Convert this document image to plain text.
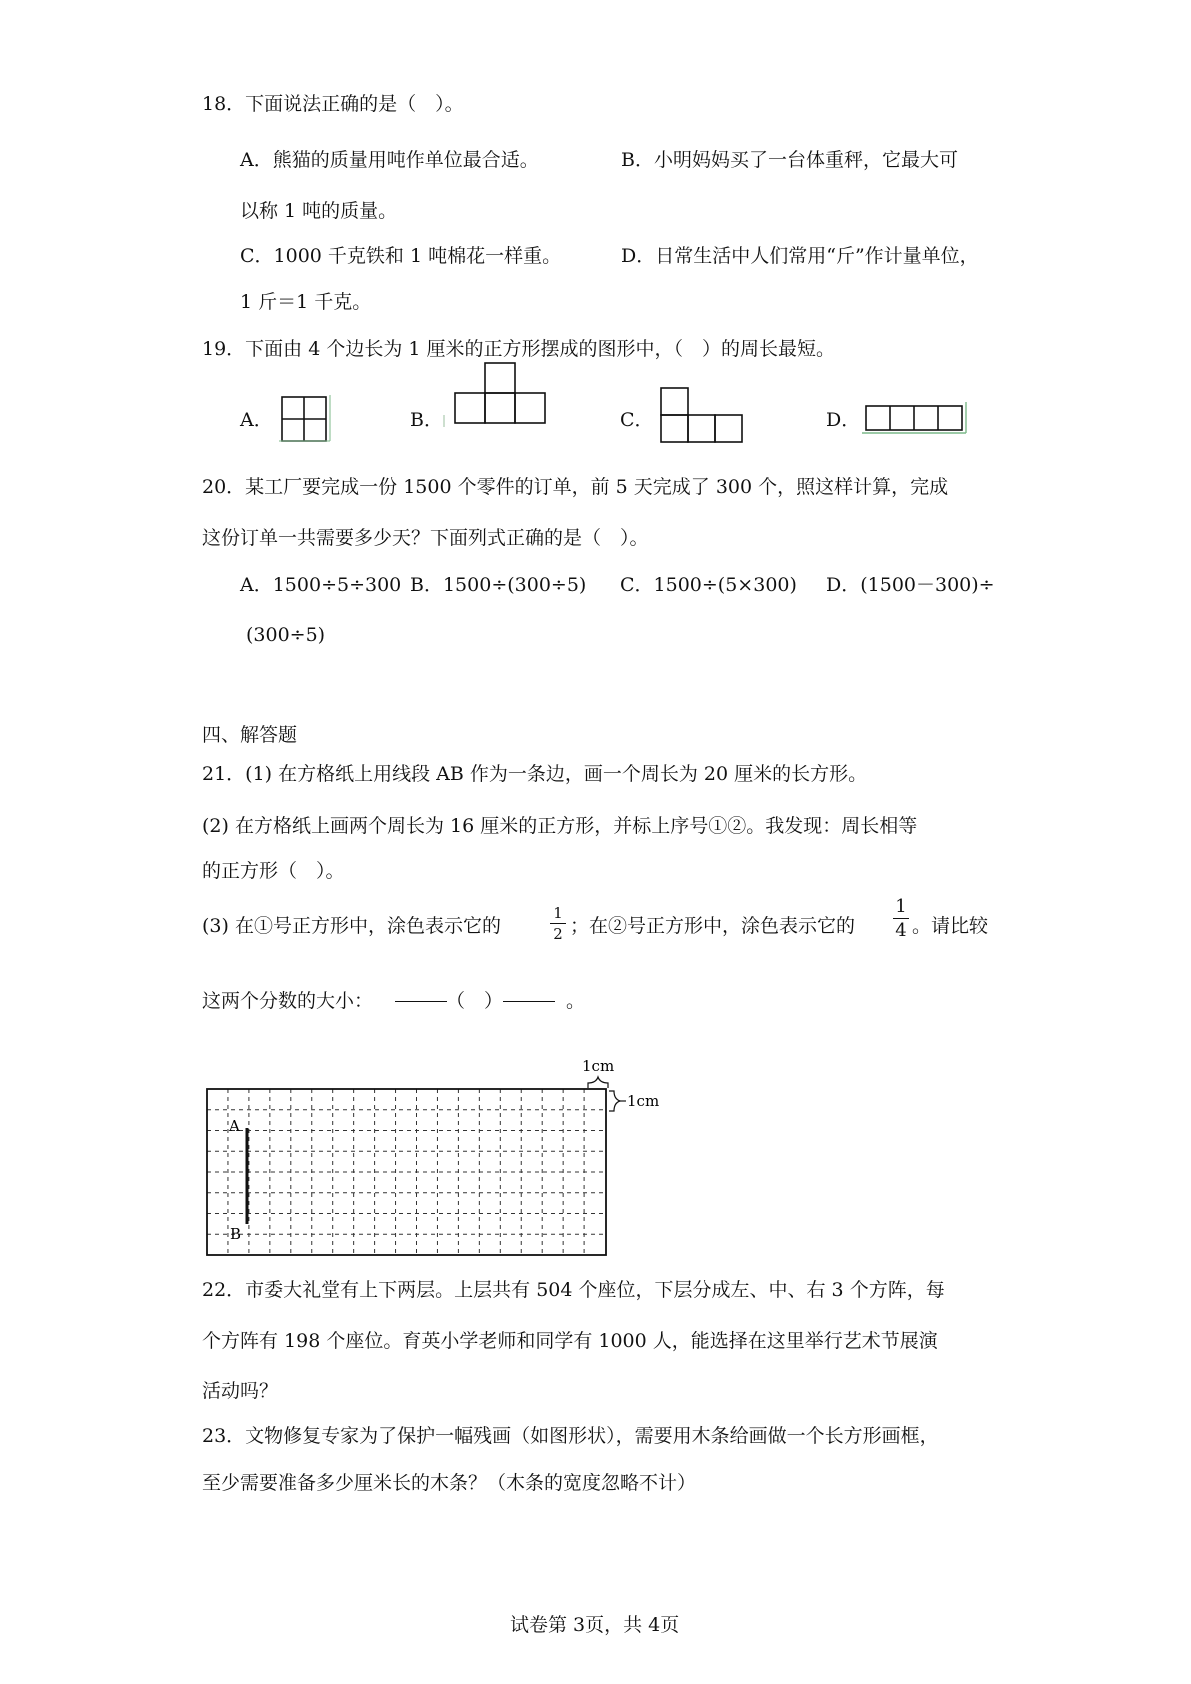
18．下面说法正确的是（　）。
A．熊猫的质量用吨作单位最合适。	B．小明妈妈买了一台体重秤，它最大可
以称 1 吨的质量。
C．1000 千克铁和 1 吨棉花一样重。	D．日常生活中人们常用“斤”作计量单位，
1 斤＝1 千克。
19．下面由 4 个边长为 1 厘米的正方形摆成的图形中，（　）的周长最短。
A．	B．	C．	D．
20．某工厂要完成一份 1500 个零件的订单，前 5 天完成了 300 个，照这样计算，完成
这份订单一共需要多少天？下面列式正确的是（　）。
A．1500÷5÷300 B．1500÷(300÷5) C．1500÷(5×300) D．(1500－300)÷
(300÷5)
四、解答题
21．(1) 在方格纸上用线段 AB 作为一条边，画一个周长为 20 厘米的长方形。
(2) 在方格纸上画两个周长为 16 厘米的正方形，并标上序号①②。我发现：周长相等
的正方形（　）。
(3) 在①号正方形中，涂色表示它的
1
2 ；在②号正方形中，涂色表示它的
1
4 。请比较
这两个分数的大小：	（　）	。
A
B
1cm
1cm
22．市委大礼堂有上下两层。上层共有 504 个座位，下层分成左、中、右 3 个方阵，每
个方阵有 198 个座位。育英小学老师和同学有 1000 人，能选择在这里举行艺术节展演
活动吗？
23．文物修复专家为了保护一幅残画（如图形状），需要用木条给画做一个长方形画框，
至少需要准备多少厘米长的木条？（木条的宽度忽略不计）
试卷第 3页，共 4页
